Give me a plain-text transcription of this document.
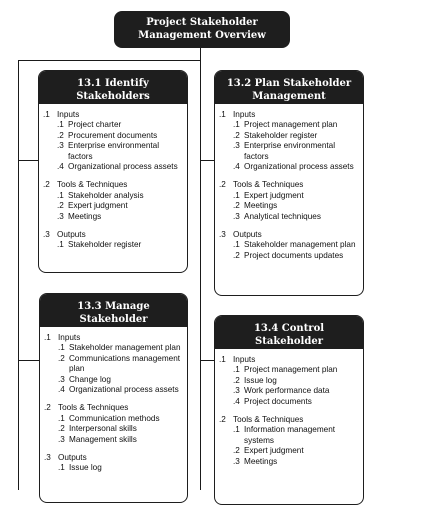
Project Stakeholder
Management Overview
13.1 Identify
Stakeholders
.1 Inputs
.1 Project charter
.2 Procurement documents
.3 Enterprise environmental factors
.4 Organizational process assets
.2 Tools & Techniques
.1 Stakeholder analysis
.2 Expert judgment
.3 Meetings
.3 Outputs
.1 Stakeholder register
13.2 Plan Stakeholder
Management
.1 Inputs
.1 Project management plan
.2 Stakeholder register
.3 Enterprise environmental factors
.4 Organizational process assets
.2 Tools & Techniques
.1 Expert judgment
.2 Meetings
.3 Analytical techniques
.3 Outputs
.1 Stakeholder management plan
.2 Project documents updates
13.3 Manage Stakeholder
Engagement
.1 Inputs
.1 Stakeholder management plan
.2 Communications management plan
.3 Change log
.4 Organizational process assets
.2 Tools & Techniques
.1 Communication methods
.2 Interpersonal skills
.3 Management skills
.3 Outputs
.1 Issue log
13.4 Control Stakeholder
Engagement
.1 Inputs
.1 Project management plan
.2 Issue log
.3 Work performance data
.4 Project documents
.2 Tools & Techniques
.1 Information management systems
.2 Expert judgment
.3 Meetings
